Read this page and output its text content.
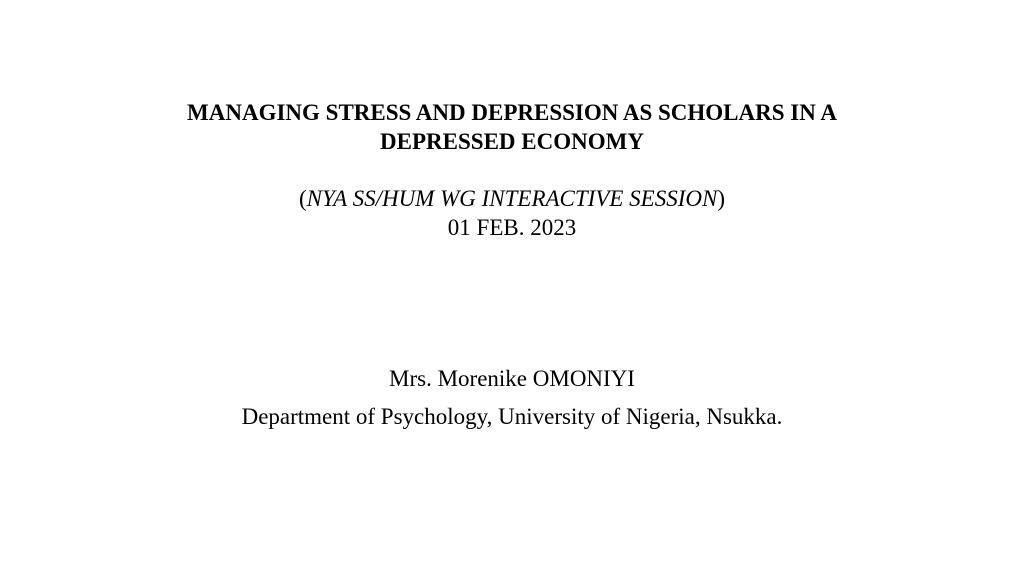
MANAGING STRESS AND DEPRESSION AS SCHOLARS IN A
DEPRESSED ECONOMY
(NYA SS/HUM WG INTERACTIVE SESSION)
01 FEB. 2023
Mrs. Morenike OMONIYI
Department of Psychology, University of Nigeria, Nsukka.
